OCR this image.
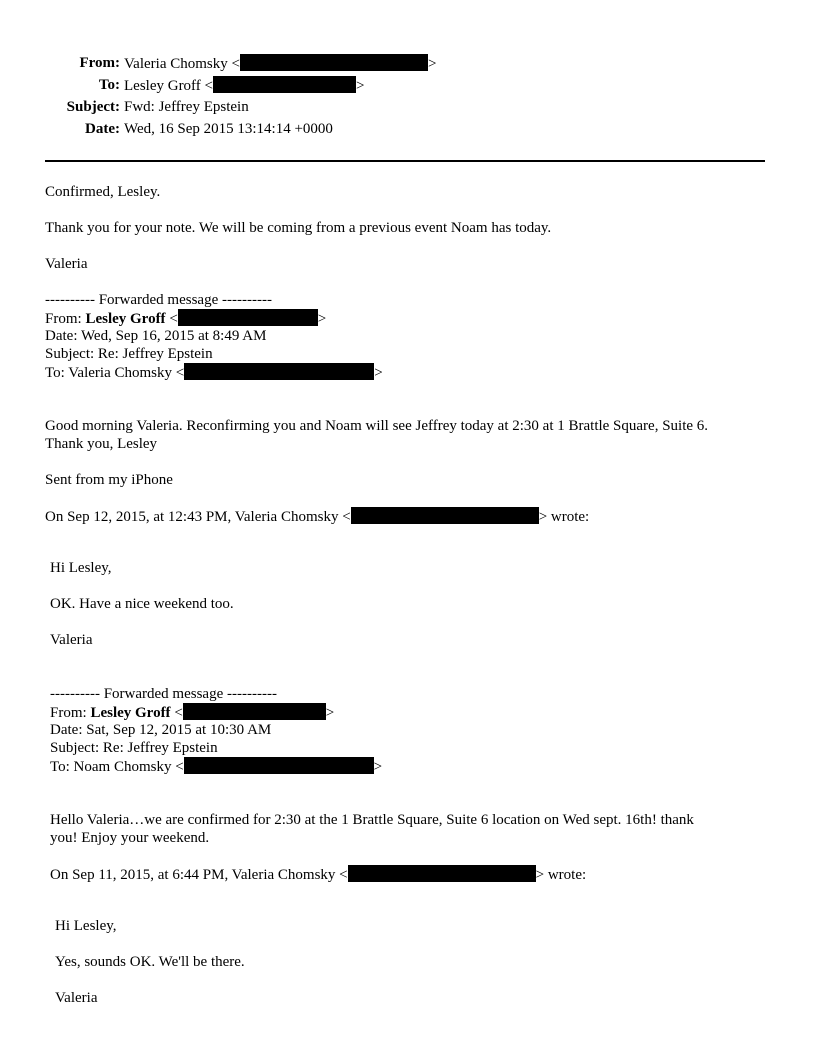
From: Valeria Chomsky <	>
To: Lesley Groff <	>
Subject: Fwd: Jeffrey Epstein
Date: Wed, 16 Sep 2015 13:14:14 +0000
Confirmed, Lesley.
Thank you for your note. We will be coming from a previous event Noam has today.
Valeria
---------- Forwarded message ----------
From: Lesley Groff <	>
Date: Wed, Sep 16, 2015 at 8:49 AM
Subject: Re: Jeffrey Epstein
To: Valeria Chomsky <	>
Good morning Valeria. Reconfirming you and Noam will see Jeffrey today at 2:30 at 1 Brattle Square, Suite 6.
Thank you, Lesley
Sent from my iPhone
On Sep 12, 2015, at 12:43 PM, Valeria Chomsky <	> wrote:
Hi Lesley,
OK. Have a nice weekend too.
Valeria
---------- Forwarded message ----------
From: Lesley Groff <	>
Date: Sat, Sep 12, 2015 at 10:30 AM
Subject: Re: Jeffrey Epstein
To: Noam Chomsky <	>
Hello Valeria…we are confirmed for 2:30 at the 1 Brattle Square, Suite 6 location on Wed sept. 16th! thank
you! Enjoy your weekend.
On Sep 11, 2015, at 6:44 PM, Valeria Chomsky <	> wrote:
Hi Lesley,
Yes, sounds OK. We'll be there.
Valeria
